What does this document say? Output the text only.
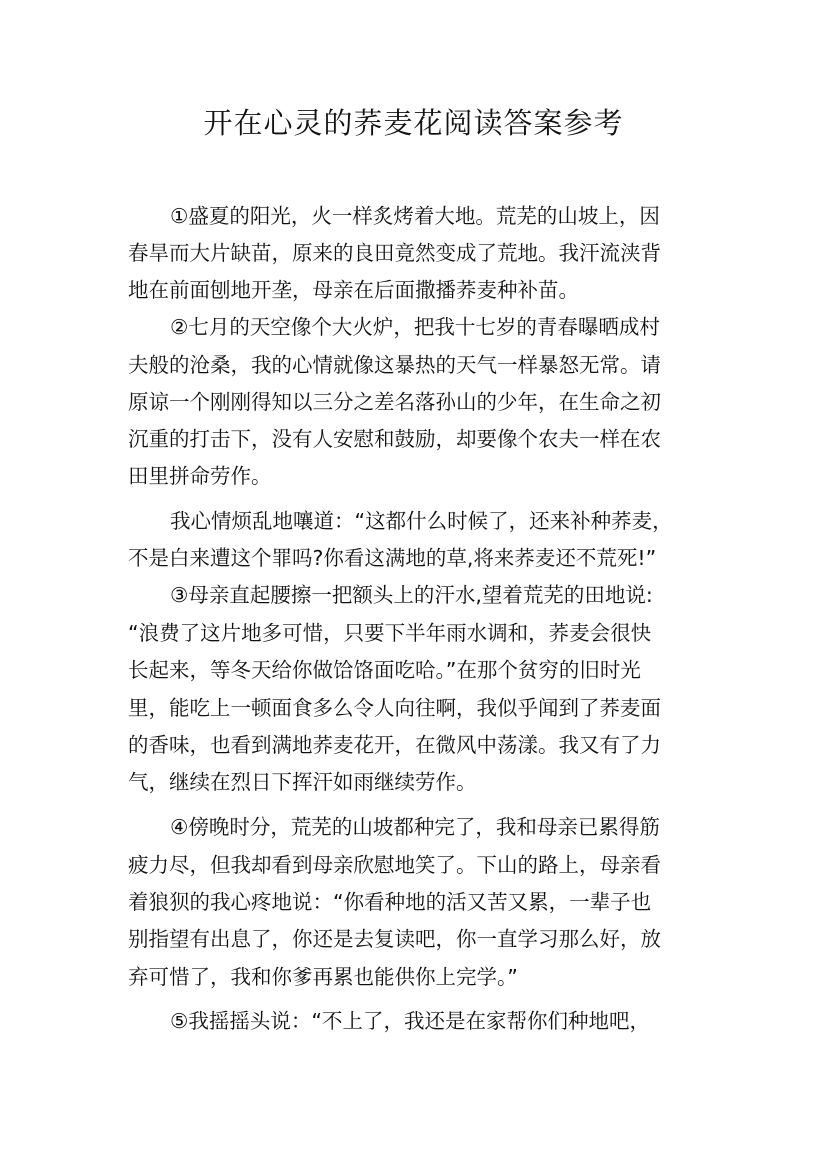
开在心灵的荞麦花阅读答案参考
①盛夏的阳光，火一样炙烤着大地。荒芜的山坡上，因
春旱而大片缺苗，原来的良田竟然变成了荒地。我汗流浃背
地在前面刨地开垄，母亲在后面撒播荞麦种补苗。
②七月的天空像个大火炉，把我十七岁的青春曝晒成村
夫般的沧桑，我的心情就像这暴热的天气一样暴怒无常。请
原谅一个刚刚得知以三分之差名落孙山的少年，在生命之初
沉重的打击下，没有人安慰和鼓励，却要像个农夫一样在农
田里拼命劳作。
我心情烦乱地嚷道：“这都什么时候了，还来补种荞麦，
不是白来遭这个罪吗?你看这满地的草,将来荞麦还不荒死!”
③母亲直起腰擦一把额头上的汗水,望着荒芜的田地说:
“浪费了这片地多可惜，只要下半年雨水调和，荞麦会很快
长起来，等冬天给你做饸饹面吃哈。”在那个贫穷的旧时光
里，能吃上一顿面食多么令人向往啊，我似乎闻到了荞麦面
的香味，也看到满地荞麦花开，在微风中荡漾。我又有了力
气，继续在烈日下挥汗如雨继续劳作。
④傍晚时分，荒芜的山坡都种完了，我和母亲已累得筋
疲力尽，但我却看到母亲欣慰地笑了。下山的路上，母亲看
着狼狈的我心疼地说：“你看种地的活又苦又累，一辈子也
别指望有出息了，你还是去复读吧，你一直学习那么好，放
弃可惜了，我和你爹再累也能供你上完学。”
⑤我摇摇头说：“不上了，我还是在家帮你们种地吧，
